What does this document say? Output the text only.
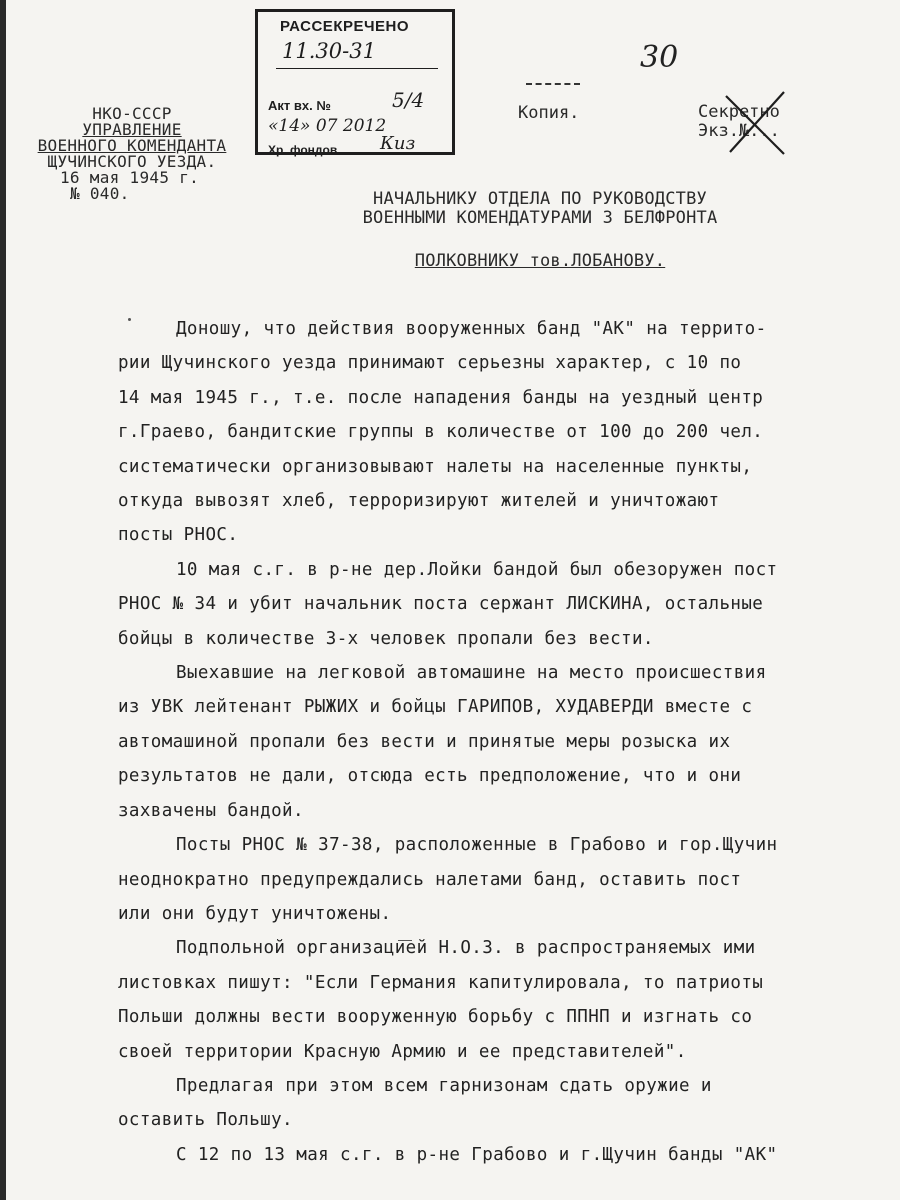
РАССЕКРЕЧЕНО
11.30-31
Акт вх. №	5/4
«14» 07 2012
Хр. фондов Киз
30
НКО-СССР
УПРАВЛЕНИЕ
ВОЕННОГО КОМЕНДАНТА
ЩУЧИНСКОГО УЕЗДА.
16 мая 1945 г.
№ 040.
Копия.	Секретно
Экз.№...
НАЧАЛЬНИКУ ОТДЕЛА ПО РУКОВОДСТВУ
ВОЕННЫМИ КОМЕНДАТУРАМИ 3 БЕЛФРОНТА
ПОЛКОВНИКУ тов.ЛОБАНОВУ.
Доношу, что действия вооруженных банд "АК" на террито-
рии Щучинского уезда принимают серьезны характер, с 10 по
14 мая 1945 г., т.е. после нападения банды на уездный центр
г.Граево, бандитские группы в количестве от 100 до 200 чел.
систематически организовывают налеты на населенные пункты,
откуда вывозят хлеб, терроризируют жителей и уничтожают
посты РНОС.
10 мая с.г. в р-не дер.Лойки бандой был обезоружен пост
РНОС № 34 и убит начальник поста сержант ЛИСКИНА, остальные
бойцы в количестве 3-х человек пропали без вести.
Выехавшие на легковой автомашине на место происшествия
из УВК лейтенант РЫЖИХ и бойцы ГАРИПОВ, ХУДАВЕРДИ вместе с
автомашиной пропали без вести и принятые меры розыска их
результатов не дали, отсюда есть предположение, что и они
захвачены бандой.
Посты РНОС № 37-38, расположенные в Грабово и гор.Щучин
неоднократно предупреждались налетами банд, оставить пост
или они будут уничтожены.
Подпольной организацией Н.О.З. в распространяемых ими
листовках пишут: "Если Германия капитулировала, то патриоты
Польши должны вести вооруженную борьбу с ППНП и изгнать со
своей территории Красную Армию и ее представителей".
Предлагая при этом всем гарнизонам сдать оружие и
оставить Польшу.
С 12 по 13 мая с.г. в р-не Грабово и г.Щучин банды "АК"
